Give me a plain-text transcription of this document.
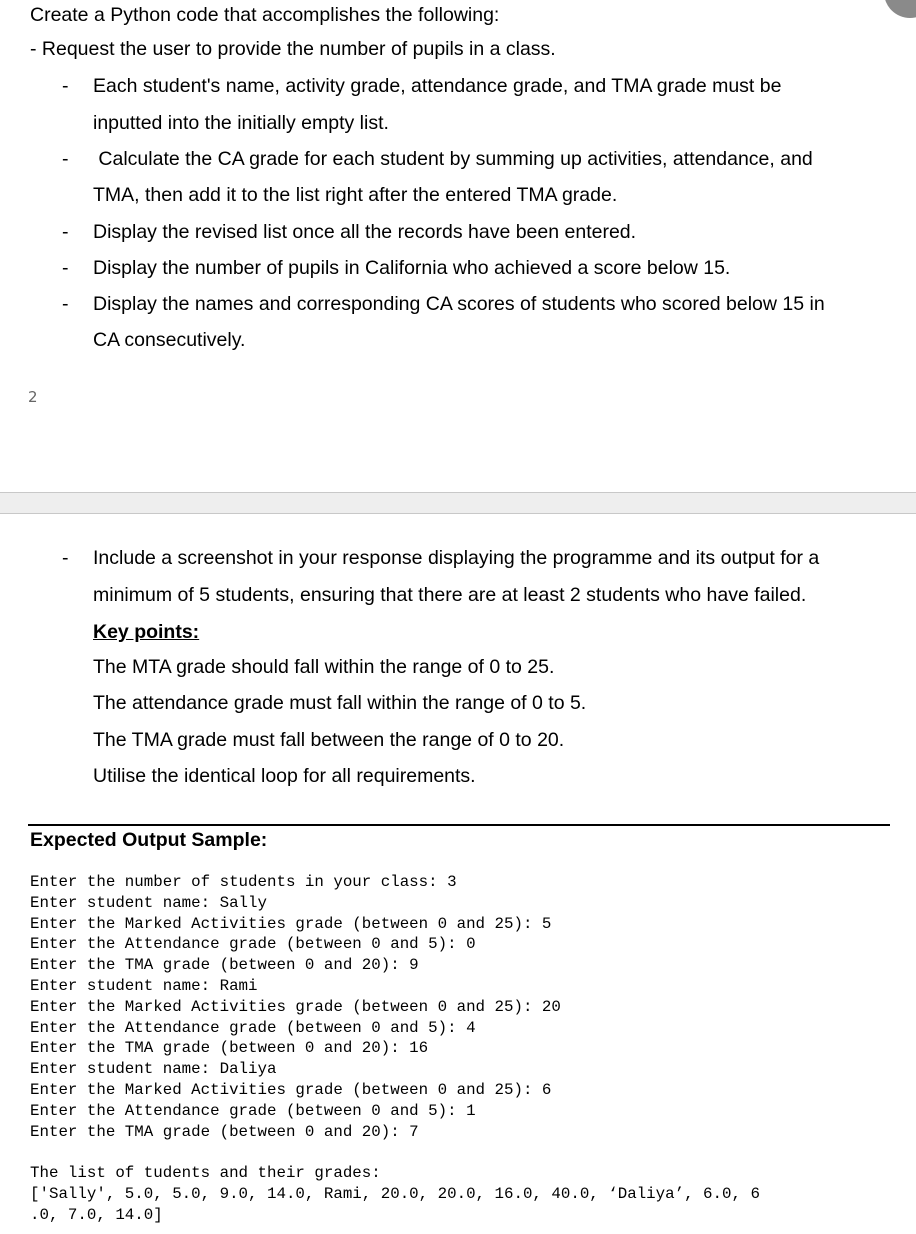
Create a Python code that accomplishes the following:
- Request the user to provide the number of pupils in a class.
- Each student's name, activity grade, attendance grade, and TMA grade must be
inputted into the initially empty list.
- Calculate the CA grade for each student by summing up activities, attendance, and
TMA, then add it to the list right after the entered TMA grade.
- Display the revised list once all the records have been entered.
- Display the number of pupils in California who achieved a score below 15.
- Display the names and corresponding CA scores of students who scored below 15 in
CA consecutively.
2
- Include a screenshot in your response displaying the programme and its output for a
minimum of 5 students, ensuring that there are at least 2 students who have failed.
Key points:
The MTA grade should fall within the range of 0 to 25.
The attendance grade must fall within the range of 0 to 5.
The TMA grade must fall between the range of 0 to 20.
Utilise the identical loop for all requirements.
Expected Output Sample:
Enter the number of students in your class: 3
Enter student name: Sally
Enter the Marked Activities grade (between 0 and 25): 5
Enter the Attendance grade (between 0 and 5): 0
Enter the TMA grade (between 0 and 20): 9
Enter student name: Rami
Enter the Marked Activities grade (between 0 and 25): 20
Enter the Attendance grade (between 0 and 5): 4
Enter the TMA grade (between 0 and 20): 16
Enter student name: Daliya
Enter the Marked Activities grade (between 0 and 25): 6
Enter the Attendance grade (between 0 and 5): 1
Enter the TMA grade (between 0 and 20): 7
The list of tudents and their grades:
['Sally', 5.0, 5.0, 9.0, 14.0, Rami, 20.0, 20.0, 16.0, 40.0, ‘Daliya’, 6.0, 6
.0, 7.0, 14.0]
